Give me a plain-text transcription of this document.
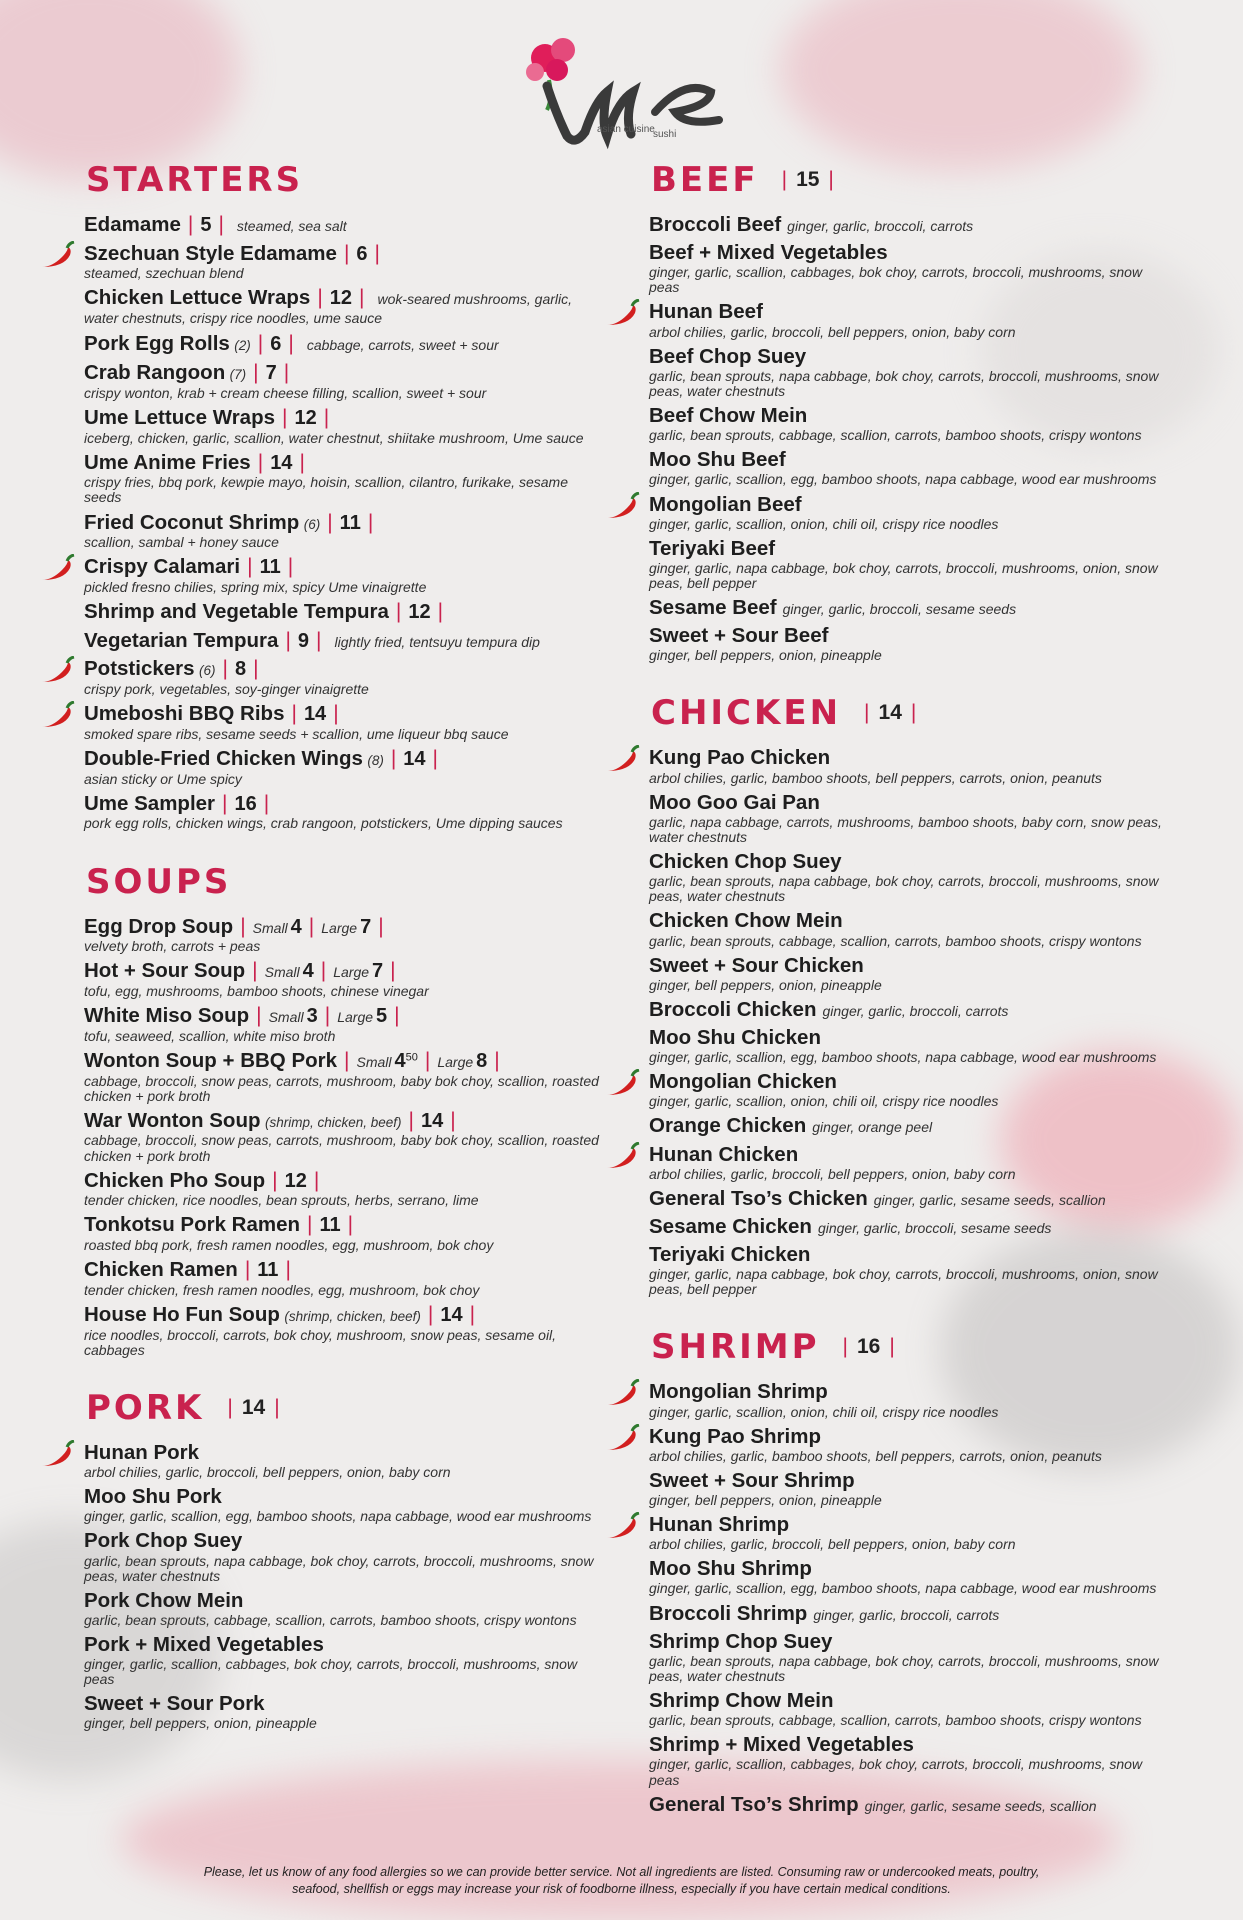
asian cuisine
sushi
STARTERS
Edamame | 5 | steamed, sea salt
Szechuan Style Edamame | 6 |
steamed, szechuan blend
Chicken Lettuce Wraps | 12 | wok-seared mushrooms, garlic, water chestnuts, crispy rice noodles, ume sauce
Pork Egg Rolls (2) | 6 | cabbage, carrots, sweet + sour
Crab Rangoon (7) | 7 |
crispy wonton, krab + cream cheese filling, scallion, sweet + sour
Ume Lettuce Wraps | 12 |
iceberg, chicken, garlic, scallion, water chestnut, shiitake mushroom, Ume sauce
Ume Anime Fries | 14 |
crispy fries, bbq pork, kewpie mayo, hoisin, scallion, cilantro, furikake, sesame seeds
Fried Coconut Shrimp (6) | 11 |
scallion, sambal + honey sauce
Crispy Calamari | 11 |
pickled fresno chilies, spring mix, spicy Ume vinaigrette
Shrimp and Vegetable Tempura | 12 |
Vegetarian Tempura | 9 | lightly fried, tentsuyu tempura dip
Potstickers (6) | 8 |
crispy pork, vegetables, soy-ginger vinaigrette
Umeboshi BBQ Ribs | 14 |
smoked spare ribs, sesame seeds + scallion, ume liqueur bbq sauce
Double-Fried Chicken Wings (8) | 14 |
asian sticky or Ume spicy
Ume Sampler | 16 |
pork egg rolls, chicken wings, crab rangoon, potstickers, Ume dipping sauces
SOUPS
Egg Drop Soup | Small 4 | Large 7 |
velvety broth, carrots + peas
Hot + Sour Soup | Small 4 | Large 7 |
tofu, egg, mushrooms, bamboo shoots, chinese vinegar
White Miso Soup | Small 3 | Large 5 |
tofu, seaweed, scallion, white miso broth
Wonton Soup + BBQ Pork | Small $4^{50}$ | Large 8 |
cabbage, broccoli, snow peas, carrots, mushroom, baby bok choy, scallion, roasted chicken + pork broth
War Wonton Soup (shrimp, chicken, beef) | 14 |
cabbage, broccoli, snow peas, carrots, mushroom, baby bok choy, scallion, roasted chicken + pork broth
Chicken Pho Soup | 12 |
tender chicken, rice noodles, bean sprouts, herbs, serrano, lime
Tonkotsu Pork Ramen | 11 |
roasted bbq pork, fresh ramen noodles, egg, mushroom, bok choy
Chicken Ramen | 11 |
tender chicken, fresh ramen noodles, egg, mushroom, bok choy
House Ho Fun Soup (shrimp, chicken, beef) | 14 |
rice noodles, broccoli, carrots, bok choy, mushroom, snow peas, sesame oil, cabbages
PORK	| 14 |
Hunan Pork
arbol chilies, garlic, broccoli, bell peppers, onion, baby corn
Moo Shu Pork
ginger, garlic, scallion, egg, bamboo shoots, napa cabbage, wood ear mushrooms
Pork Chop Suey
garlic, bean sprouts, napa cabbage, bok choy, carrots, broccoli, mushrooms, snow peas, water chestnuts
Pork Chow Mein
garlic, bean sprouts, cabbage, scallion, carrots, bamboo shoots, crispy wontons
Pork + Mixed Vegetables
ginger, garlic, scallion, cabbages, bok choy, carrots, broccoli, mushrooms, snow peas
Sweet + Sour Pork
ginger, bell peppers, onion, pineapple
BEEF	| 15 |
Broccoli Beef ginger, garlic, broccoli, carrots
Beef + Mixed Vegetables
ginger, garlic, scallion, cabbages, bok choy, carrots, broccoli, mushrooms, snow peas
Hunan Beef
arbol chilies, garlic, broccoli, bell peppers, onion, baby corn
Beef Chop Suey
garlic, bean sprouts, napa cabbage, bok choy, carrots, broccoli, mushrooms, snow peas, water chestnuts
Beef Chow Mein
garlic, bean sprouts, cabbage, scallion, carrots, bamboo shoots, crispy wontons
Moo Shu Beef
ginger, garlic, scallion, egg, bamboo shoots, napa cabbage, wood ear mushrooms
Mongolian Beef
ginger, garlic, scallion, onion, chili oil, crispy rice noodles
Teriyaki Beef
ginger, garlic, napa cabbage, bok choy, carrots, broccoli, mushrooms, onion, snow peas, bell pepper
Sesame Beef ginger, garlic, broccoli, sesame seeds
Sweet + Sour Beef
ginger, bell peppers, onion, pineapple
CHICKEN	| 14 |
Kung Pao Chicken
arbol chilies, garlic, bamboo shoots, bell peppers, carrots, onion, peanuts
Moo Goo Gai Pan
garlic, napa cabbage, carrots, mushrooms, bamboo shoots, baby corn, snow peas, water chestnuts
Chicken Chop Suey
garlic, bean sprouts, napa cabbage, bok choy, carrots, broccoli, mushrooms, snow peas, water chestnuts
Chicken Chow Mein
garlic, bean sprouts, cabbage, scallion, carrots, bamboo shoots, crispy wontons
Sweet + Sour Chicken
ginger, bell peppers, onion, pineapple
Broccoli Chicken ginger, garlic, broccoli, carrots
Moo Shu Chicken
ginger, garlic, scallion, egg, bamboo shoots, napa cabbage, wood ear mushrooms
Mongolian Chicken
ginger, garlic, scallion, onion, chili oil, crispy rice noodles
Orange Chicken ginger, orange peel
Hunan Chicken
arbol chilies, garlic, broccoli, bell peppers, onion, baby corn
General Tso’s Chicken ginger, garlic, sesame seeds, scallion
Sesame Chicken ginger, garlic, broccoli, sesame seeds
Teriyaki Chicken
ginger, garlic, napa cabbage, bok choy, carrots, broccoli, mushrooms, onion, snow peas, bell pepper
SHRIMP	| 16 |
Mongolian Shrimp
ginger, garlic, scallion, onion, chili oil, crispy rice noodles
Kung Pao Shrimp
arbol chilies, garlic, bamboo shoots, bell peppers, carrots, onion, peanuts
Sweet + Sour Shrimp
ginger, bell peppers, onion, pineapple
Hunan Shrimp
arbol chilies, garlic, broccoli, bell peppers, onion, baby corn
Moo Shu Shrimp
ginger, garlic, scallion, egg, bamboo shoots, napa cabbage, wood ear mushrooms
Broccoli Shrimp ginger, garlic, broccoli, carrots
Shrimp Chop Suey
garlic, bean sprouts, napa cabbage, bok choy, carrots, broccoli, mushrooms, snow peas, water chestnuts
Shrimp Chow Mein
garlic, bean sprouts, cabbage, scallion, carrots, bamboo shoots, crispy wontons
Shrimp + Mixed Vegetables
ginger, garlic, scallion, cabbages, bok choy, carrots, broccoli, mushrooms, snow peas
General Tso’s Shrimp ginger, garlic, sesame seeds, scallion
Please, let us know of any food allergies so we can provide better service. Not all ingredients are listed. Consuming raw or undercooked meats, poultry,
seafood, shellfish or eggs may increase your risk of foodborne illness, especially if you have certain medical conditions.
